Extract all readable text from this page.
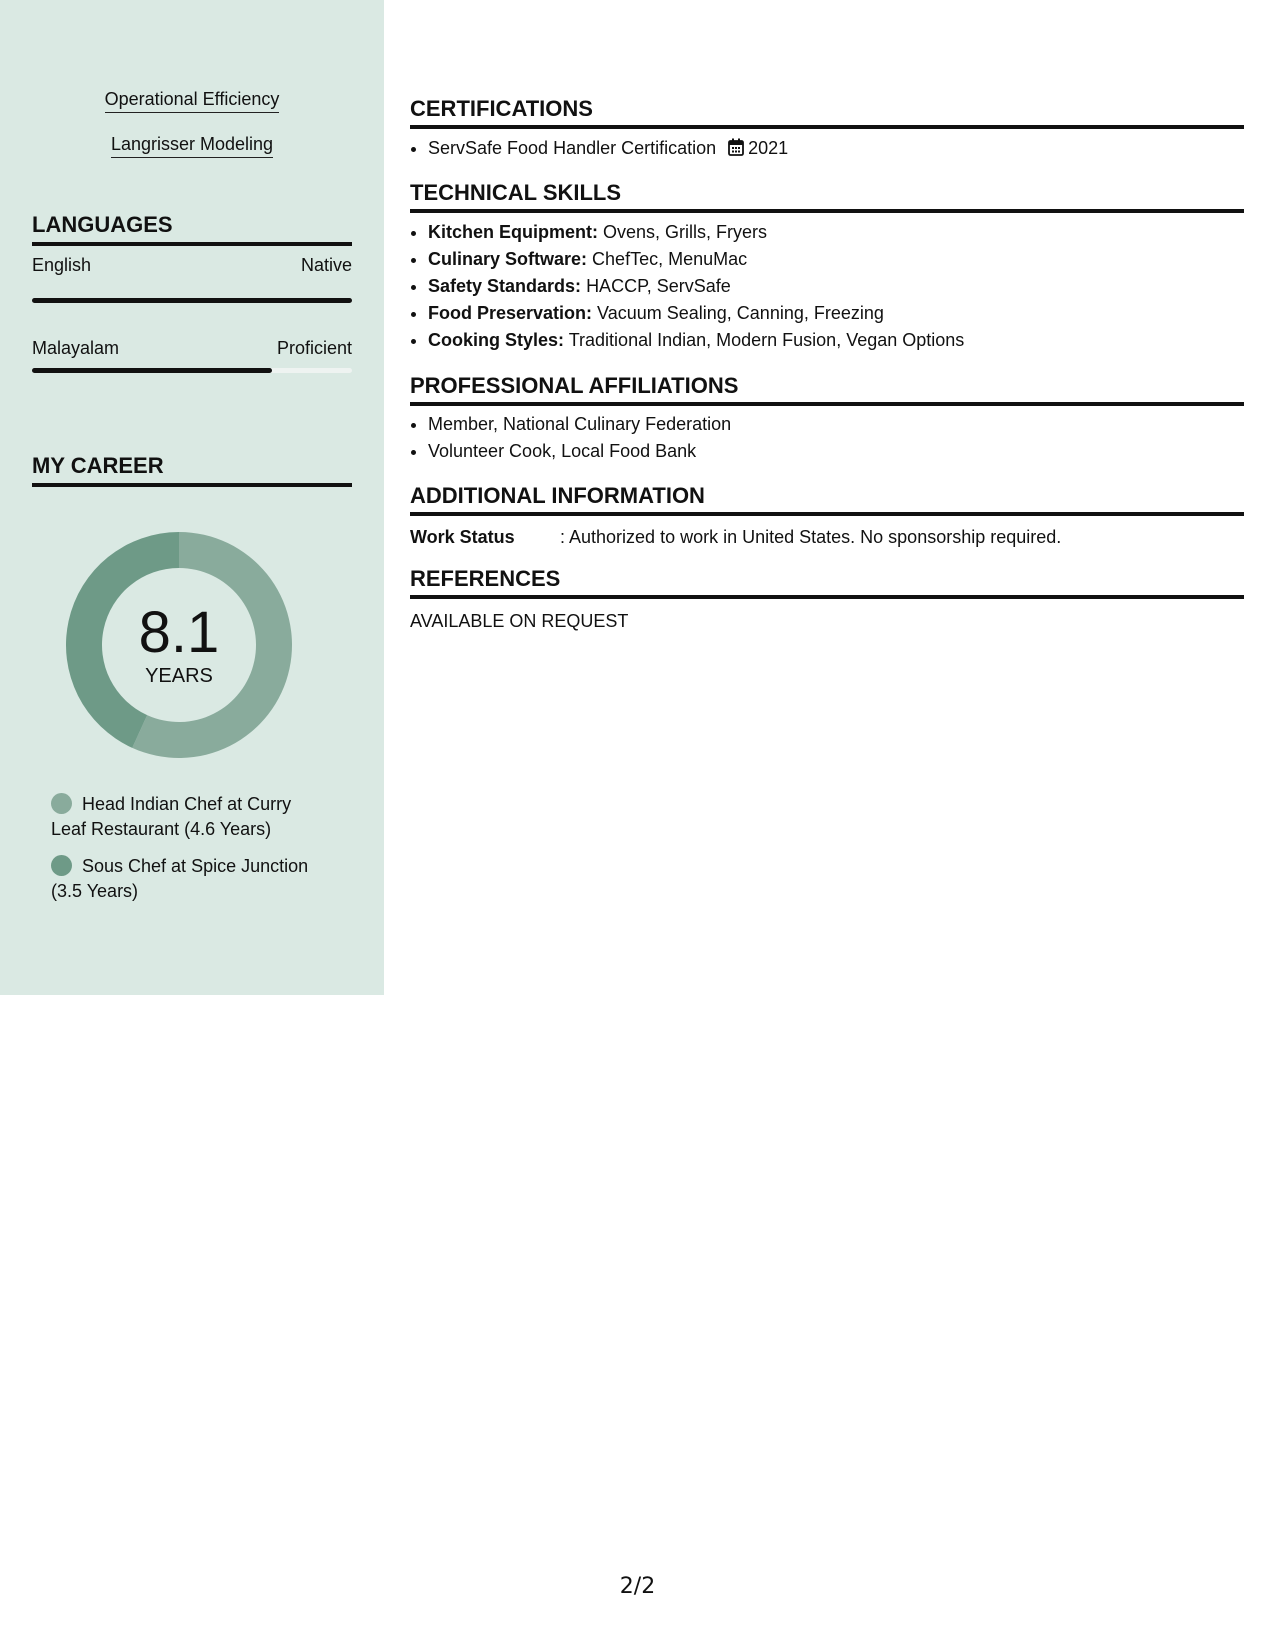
Operational Efficiency
Langrisser Modeling
LANGUAGES
English	Native
Malayalam	Proficient
MY CAREER
8.1
YEARS
Head Indian Chef at Curry Leaf Restaurant (4.6 Years)
Sous Chef at Spice Junction (3.5 Years)
CERTIFICATIONS
• ServSafe Food Handler Certification 2021
TECHNICAL SKILLS
• Kitchen Equipment: Ovens, Grills, Fryers
• Culinary Software: ChefTec, MenuMac
• Safety Standards: HACCP, ServSafe
• Food Preservation: Vacuum Sealing, Canning, Freezing
• Cooking Styles: Traditional Indian, Modern Fusion, Vegan Options
PROFESSIONAL AFFILIATIONS
• Member, National Culinary Federation
• Volunteer Cook, Local Food Bank
ADDITIONAL INFORMATION
Work Status	: Authorized to work in United States. No sponsorship required.
REFERENCES
AVAILABLE ON REQUEST
2/2
